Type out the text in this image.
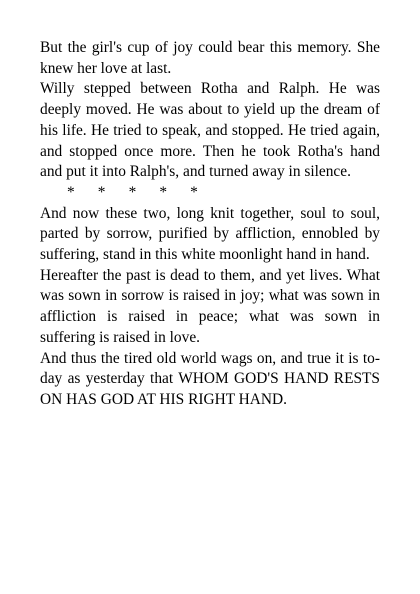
But the girl's cup of joy could bear this memory. She knew her love at last.

Willy stepped between Rotha and Ralph. He was deeply moved. He was about to yield up the dream of his life. He tried to speak, and stopped. He tried again, and stopped once more. Then he took Rotha's hand and put it into Ralph's, and turned away in silence.

*      *      *      *      *

And now these two, long knit together, soul to soul, parted by sorrow, purified by affliction, ennobled by suffering, stand in this white moonlight hand in hand.

Hereafter the past is dead to them, and yet lives. What was sown in sorrow is raised in joy; what was sown in affliction is raised in peace; what was sown in suffering is raised in love.

And thus the tired old world wags on, and true it is to-day as yesterday that WHOM GOD'S HAND RESTS ON HAS GOD AT HIS RIGHT HAND.
